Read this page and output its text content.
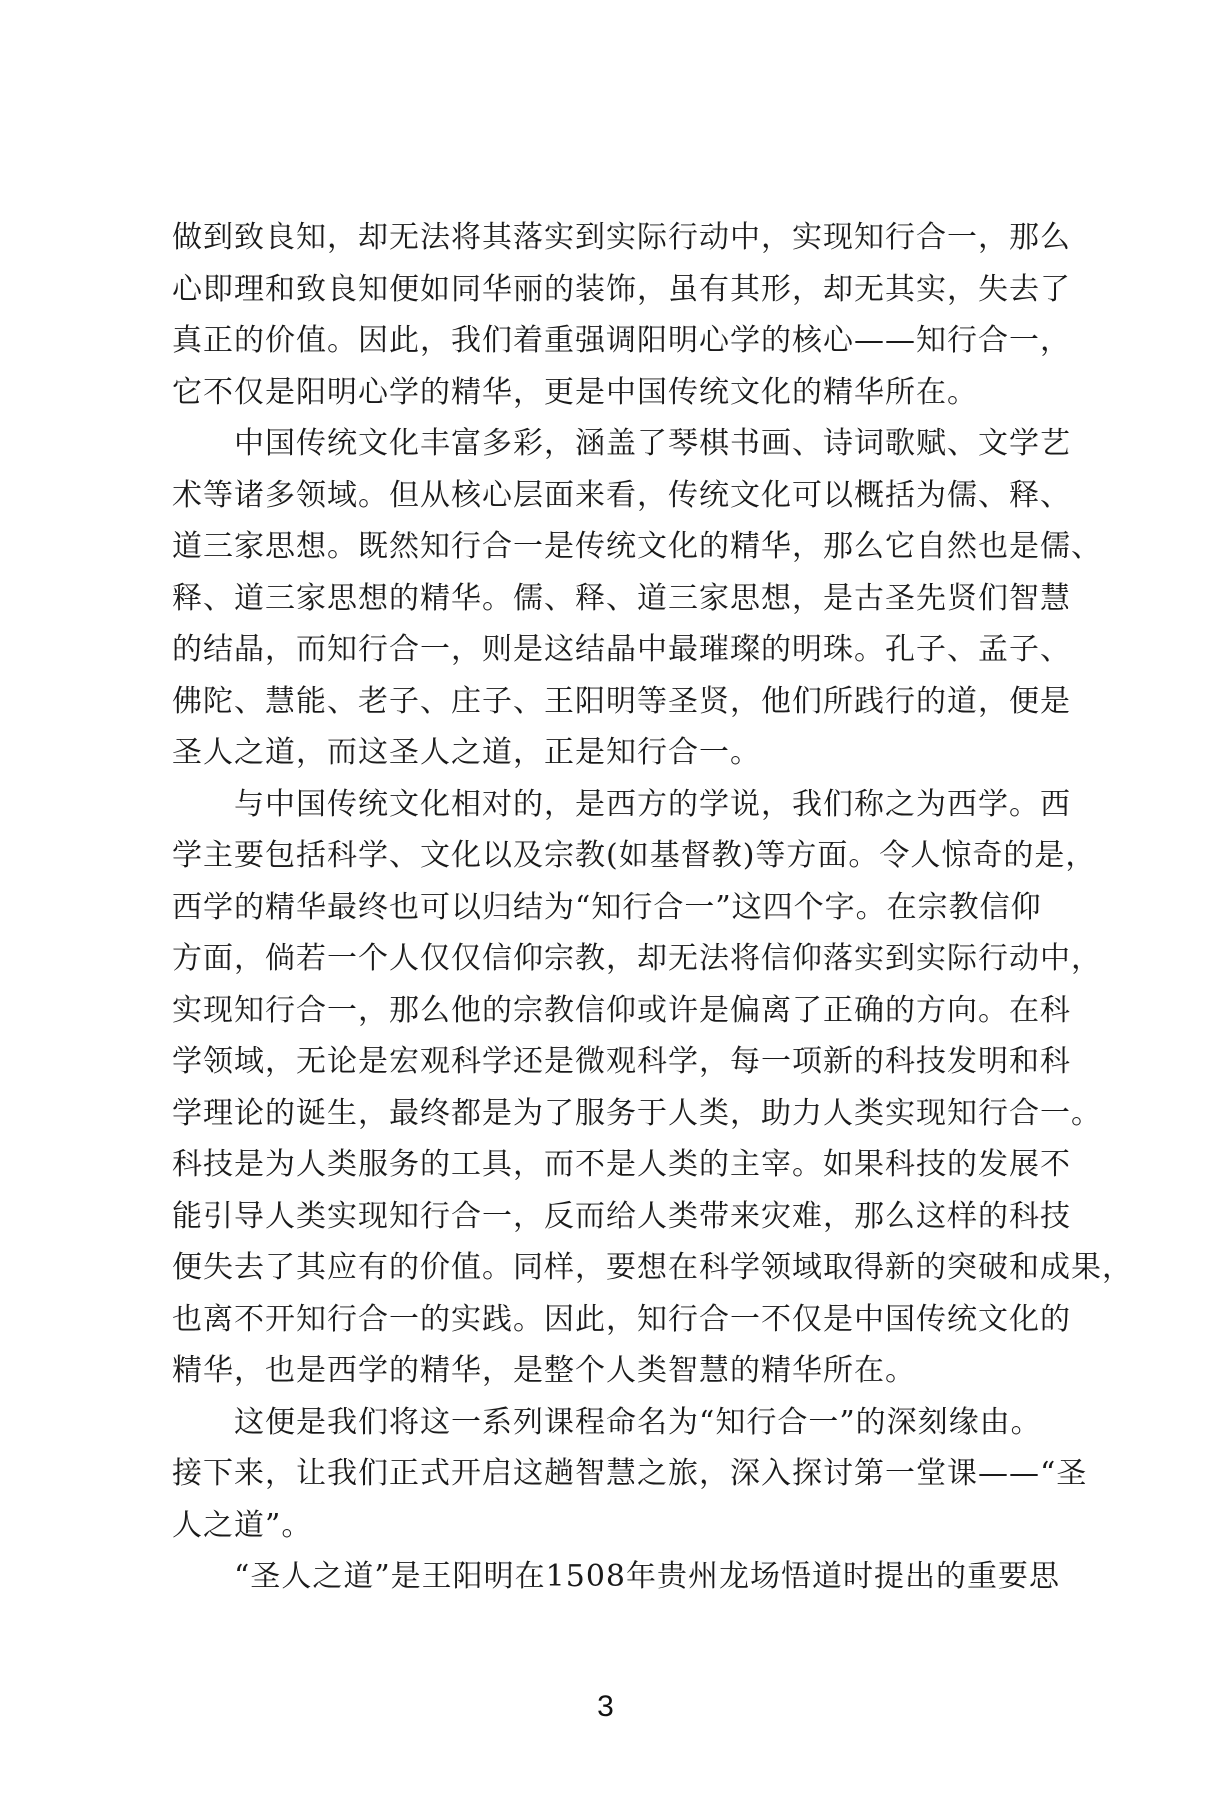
做到致良知，却无法将其落实到实际行动中，实现知行合一，那么
心即理和致良知便如同华丽的装饰，虽有其形，却无其实，失去了
真正的价值。因此，我们着重强调阳明心学的核心——知行合一，
它不仅是阳明心学的精华，更是中国传统文化的精华所在。
中国传统文化丰富多彩，涵盖了琴棋书画、诗词歌赋、文学艺
术等诸多领域。但从核心层面来看，传统文化可以概括为儒、释、
道三家思想。既然知行合一是传统文化的精华，那么它自然也是儒、
释、道三家思想的精华。儒、释、道三家思想，是古圣先贤们智慧
的结晶，而知行合一，则是这结晶中最璀璨的明珠。孔子、孟子、
佛陀、慧能、老子、庄子、王阳明等圣贤，他们所践行的道，便是
圣人之道，而这圣人之道，正是知行合一。
与中国传统文化相对的，是西方的学说，我们称之为西学。西
学主要包括科学、文化以及宗教(如基督教)等方面。令人惊奇的是，
西学的精华最终也可以归结为“知行合一”这四个字。在宗教信仰
方面，倘若一个人仅仅信仰宗教，却无法将信仰落实到实际行动中，
实现知行合一，那么他的宗教信仰或许是偏离了正确的方向。在科
学领域，无论是宏观科学还是微观科学，每一项新的科技发明和科
学理论的诞生，最终都是为了服务于人类，助力人类实现知行合一。
科技是为人类服务的工具，而不是人类的主宰。如果科技的发展不
能引导人类实现知行合一，反而给人类带来灾难，那么这样的科技
便失去了其应有的价值。同样，要想在科学领域取得新的突破和成果，
也离不开知行合一的实践。因此，知行合一不仅是中国传统文化的
精华，也是西学的精华，是整个人类智慧的精华所在。
这便是我们将这一系列课程命名为“知行合一”的深刻缘由。
接下来，让我们正式开启这趟智慧之旅，深入探讨第一堂课——“圣
人之道”。
“圣人之道”是王阳明在1508年贵州龙场悟道时提出的重要思
3
